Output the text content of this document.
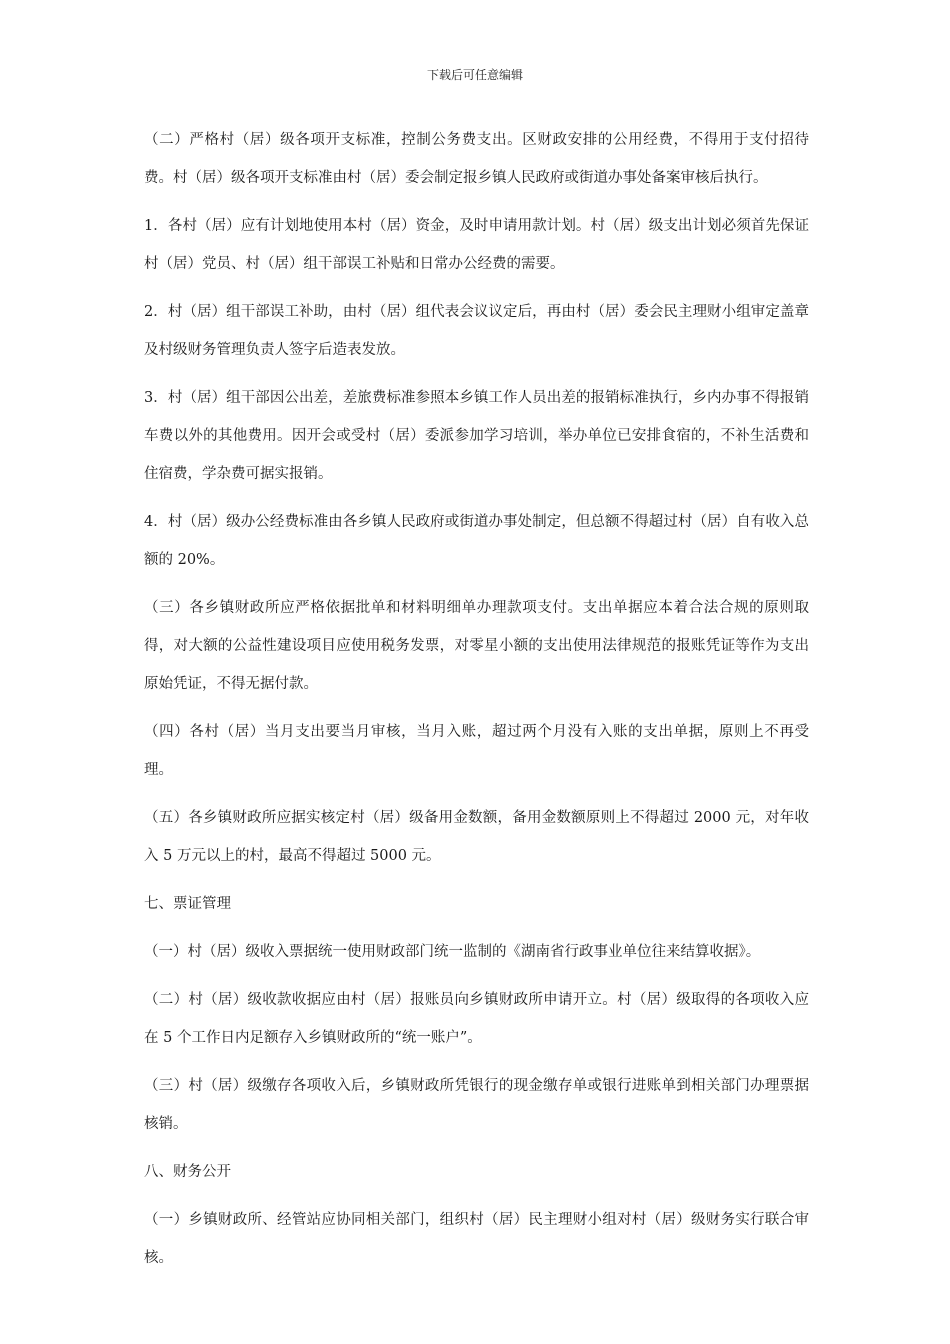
下载后可任意编辑

（二）严格村（居）级各项开支标准，控制公务费支出。区财政安排的公用经费，不得用于支付招待费。村（居）级各项开支标准由村（居）委会制定报乡镇人民政府或街道办事处备案审核后执行。

1．各村（居）应有计划地使用本村（居）资金，及时申请用款计划。村（居）级支出计划必须首先保证村（居）党员、村（居）组干部误工补贴和日常办公经费的需要。

2．村（居）组干部误工补助，由村（居）组代表会议议定后，再由村（居）委会民主理财小组审定盖章及村级财务管理负责人签字后造表发放。

3．村（居）组干部因公出差，差旅费标准参照本乡镇工作人员出差的报销标准执行，乡内办事不得报销车费以外的其他费用。因开会或受村（居）委派参加学习培训，举办单位已安排食宿的，不补生活费和住宿费，学杂费可据实报销。

4．村（居）级办公经费标准由各乡镇人民政府或街道办事处制定，但总额不得超过村（居）自有收入总额的 20%。

（三）各乡镇财政所应严格依据批单和材料明细单办理款项支付。支出单据应本着合法合规的原则取得，对大额的公益性建设项目应使用税务发票，对零星小额的支出使用法律规范的报账凭证等作为支出原始凭证，不得无据付款。

（四）各村（居）当月支出要当月审核，当月入账，超过两个月没有入账的支出单据，原则上不再受理。

（五）各乡镇财政所应据实核定村（居）级备用金数额，备用金数额原则上不得超过 2000 元，对年收入 5 万元以上的村，最高不得超过 5000 元。

七、票证管理

（一）村（居）级收入票据统一使用财政部门统一监制的《湖南省行政事业单位往来结算收据》。

（二）村（居）级收款收据应由村（居）报账员向乡镇财政所申请开立。村（居）级取得的各项收入应在 5 个工作日内足额存入乡镇财政所的“统一账户”。

（三）村（居）级缴存各项收入后，乡镇财政所凭银行的现金缴存单或银行进账单到相关部门办理票据核销。

八、财务公开

（一）乡镇财政所、经管站应协同相关部门，组织村（居）民主理财小组对村（居）级财务实行联合审核。
